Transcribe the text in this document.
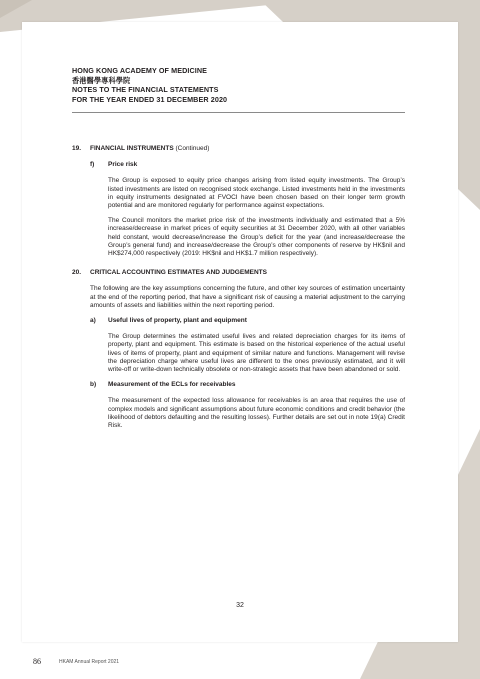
HONG KONG ACADEMY OF MEDICINE
香港醫學專科學院
NOTES TO THE FINANCIAL STATEMENTS
FOR THE YEAR ENDED 31 DECEMBER 2020
19.	FINANCIAL INSTRUMENTS (Continued)
f)	Price risk
The Group is exposed to equity price changes arising from listed equity investments. The Group’s listed investments are listed on recognised stock exchange. Listed investments held in the investments in equity instruments designated at FVOCI have been chosen based on their longer term growth potential and are monitored regularly for performance against expectations.
The Council monitors the market price risk of the investments individually and estimated that a 5% increase/decrease in market prices of equity securities at 31 December 2020, with all other variables held constant, would decrease/increase the Group’s deficit for the year (and increase/decrease the Group’s general fund) and increase/decrease the Group’s other components of reserve by HK$nil and HK$274,000 respectively (2019: HK$nil and HK$1.7 million respectively).
20.	CRITICAL ACCOUNTING ESTIMATES AND JUDGEMENTS
The following are the key assumptions concerning the future, and other key sources of estimation uncertainty at the end of the reporting period, that have a significant risk of causing a material adjustment to the carrying amounts of assets and liabilities within the next reporting period.
a)	Useful lives of property, plant and equipment
The Group determines the estimated useful lives and related depreciation charges for its items of property, plant and equipment. This estimate is based on the historical experience of the actual useful lives of items of property, plant and equipment of similar nature and functions. Management will revise the depreciation charge where useful lives are different to the ones previously estimated, and it will write-off or write-down technically obsolete or non-strategic assets that have been abandoned or sold.
b)	Measurement of the ECLs for receivables
The measurement of the expected loss allowance for receivables is an area that requires the use of complex models and significant assumptions about future economic conditions and credit behavior (the likelihood of debtors defaulting and the resulting losses). Further details are set out in note 19(a) Credit Risk.
32
86	HKAM Annual Report 2021
